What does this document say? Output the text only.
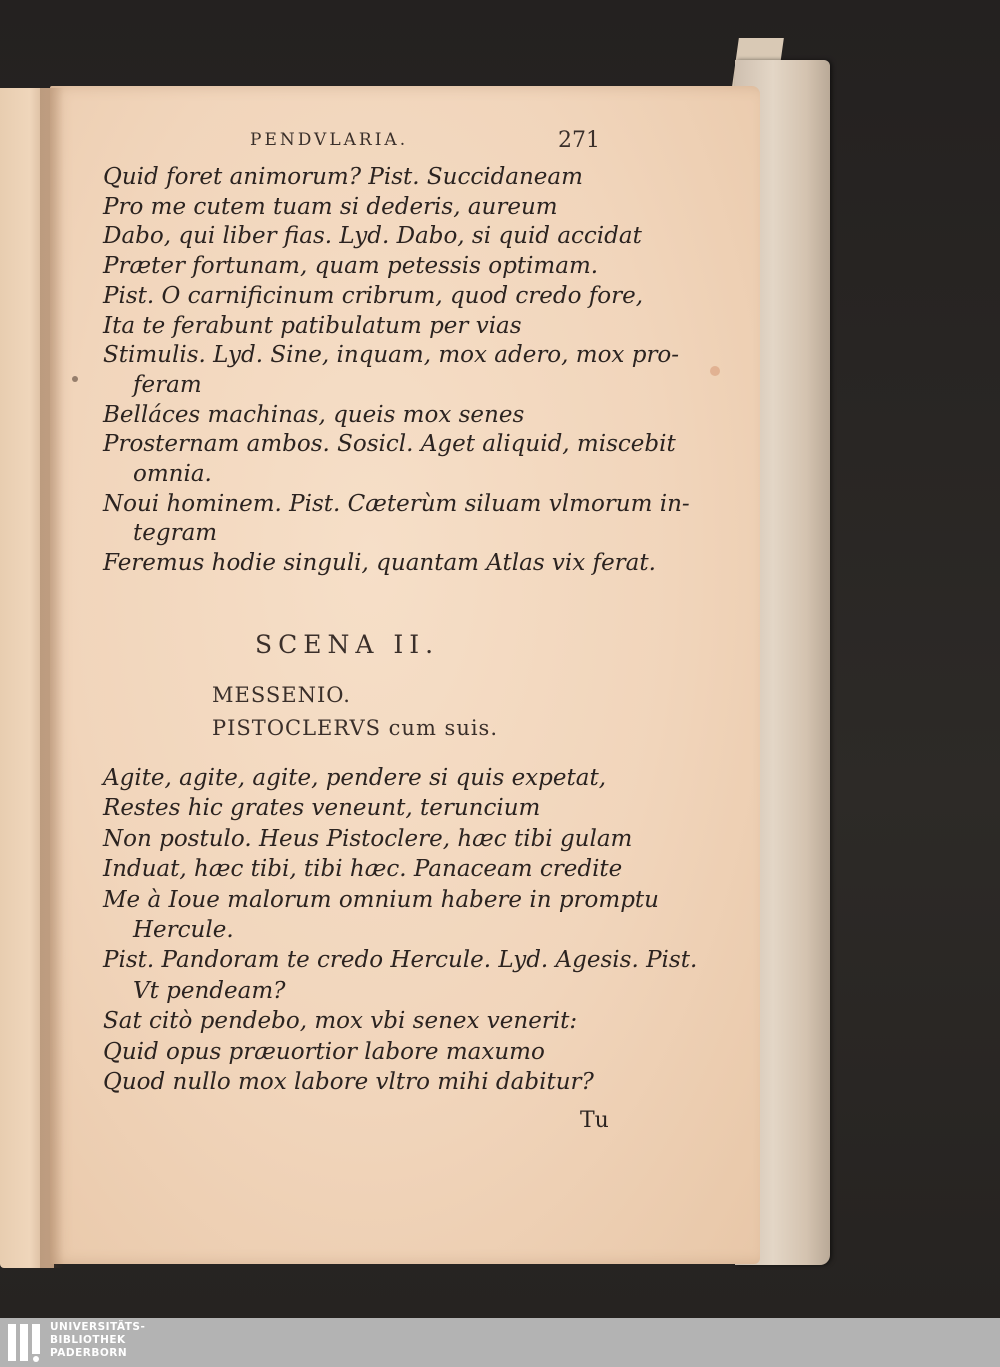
PENDVLARIA.	271
Quid foret animorum? Pist. Succidaneam
Pro me cutem tuam si dederis, aureum
Dabo, qui liber fias. Lyd. Dabo, si quid accidat
Præter fortunam, quam petessis optimam.
Pist. O carnificinum cribrum, quod credo fore,
Ita te ferabunt patibulatum per vias
Stimulis. Lyd. Sine, inquam, mox adero, mox pro-
feram
Belláces machinas, queis mox senes
Prosternam ambos. Sosicl. Aget aliquid, miscebit
omnia.
Noui hominem. Pist. Cæterùm siluam vlmorum in-
tegram
Feremus hodie singuli, quantam Atlas vix ferat.
SCENA II.
MESSENIO.
PISTOCLERVS cum suis.
Agite, agite, agite, pendere si quis expetat,
Restes hic grates veneunt, teruncium
Non postulo. Heus Pistoclere, hæc tibi gulam
Induat, hæc tibi, tibi hæc. Panaceam credite
Me à Ioue malorum omnium habere in promptu
Hercule.
Pist. Pandoram te credo Hercule. Lyd. Agesis. Pist.
Vt pendeam?
Sat citò pendebo, mox vbi senex venerit:
Quid opus præuortior labore maxumo
Quod nullo mox labore vltro mihi dabitur?
Tu
UNIVERSITÄTS-
BIBLIOTHEK
PADERBORN
